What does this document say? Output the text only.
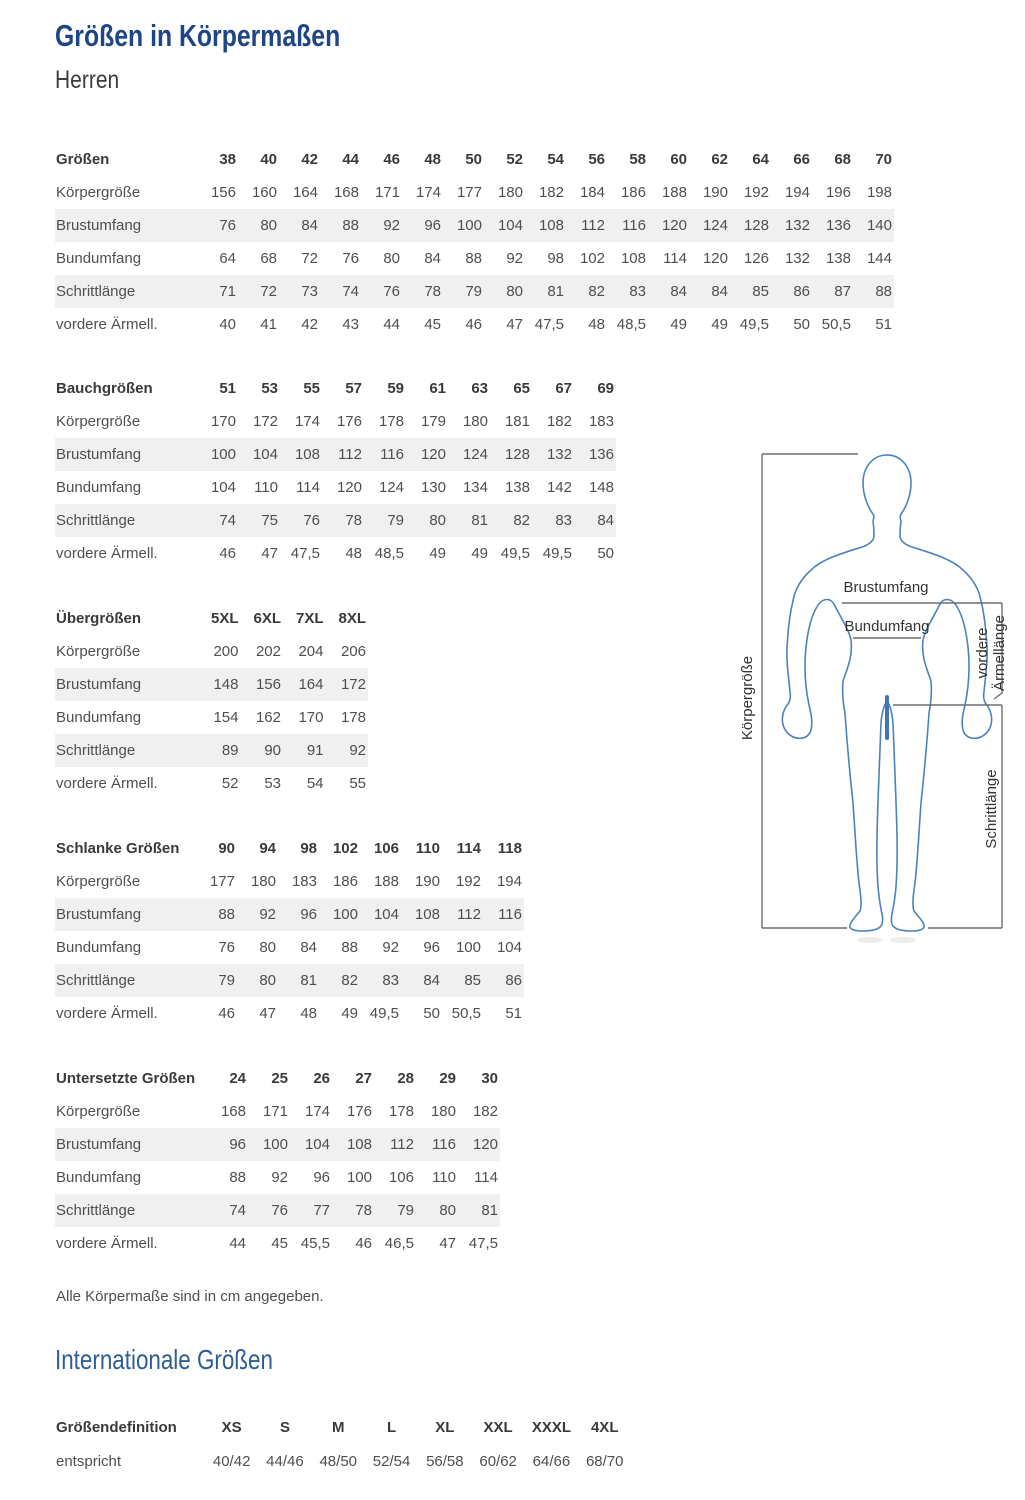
Größen in Körpermaßen
Herren
Größen	38	40	42	44	46	48	50	52	54	56	58	60	62	64	66	68	70
Körpergröße	156	160	164	168	171	174	177	180	182	184	186	188	190	192	194	196	198
Brustumfang	76	80	84	88	92	96	100	104	108	112	116	120	124	128	132	136	140
Bundumfang	64	68	72	76	80	84	88	92	98	102	108	114	120	126	132	138	144
Schrittlänge	71	72	73	74	76	78	79	80	81	82	83	84	84	85	86	87	88
vordere Ärmell.	40	41	42	43	44	45	46	47	47,5	48	48,5	49	49	49,5	50	50,5	51
Bauchgrößen	51	53	55	57	59	61	63	65	67	69
Körpergröße	170	172	174	176	178	179	180	181	182	183
Brustumfang	100	104	108	112	116	120	124	128	132	136
Bundumfang	104	110	114	120	124	130	134	138	142	148
Schrittlänge	74	75	76	78	79	80	81	82	83	84
vordere Ärmell.	46	47	47,5	48	48,5	49	49	49,5	49,5	50
Übergrößen	5XL	6XL	7XL	8XL
Körpergröße	200	202	204	206
Brustumfang	148	156	164	172
Bundumfang	154	162	170	178
Schrittlänge	89	90	91	92
vordere Ärmell.	52	53	54	55
Schlanke Größen	90	94	98	102	106	110	114	118
Körpergröße	177	180	183	186	188	190	192	194
Brustumfang	88	92	96	100	104	108	112	116
Bundumfang	76	80	84	88	92	96	100	104
Schrittlänge	79	80	81	82	83	84	85	86
vordere Ärmell.	46	47	48	49	49,5	50	50,5	51
Untersetzte Größen	24	25	26	27	28	29	30
Körpergröße	168	171	174	176	178	180	182
Brustumfang	96	100	104	108	112	116	120
Bundumfang	88	92	96	100	106	110	114
Schrittlänge	74	76	77	78	79	80	81
vordere Ärmell.	44	45	45,5	46	46,5	47	47,5
Größendefinition	XS	S	M	L	XL	XXL	XXXL	4XL
entspricht	40/42	44/46	48/50	52/54	56/58	60/62	64/66	68/70

Alle Körpermaße sind in cm angegeben.

Internationale Größen
Brustumfang
Bundumfang
Körpergröße
vordere Ärmellänge
Schrittlänge
